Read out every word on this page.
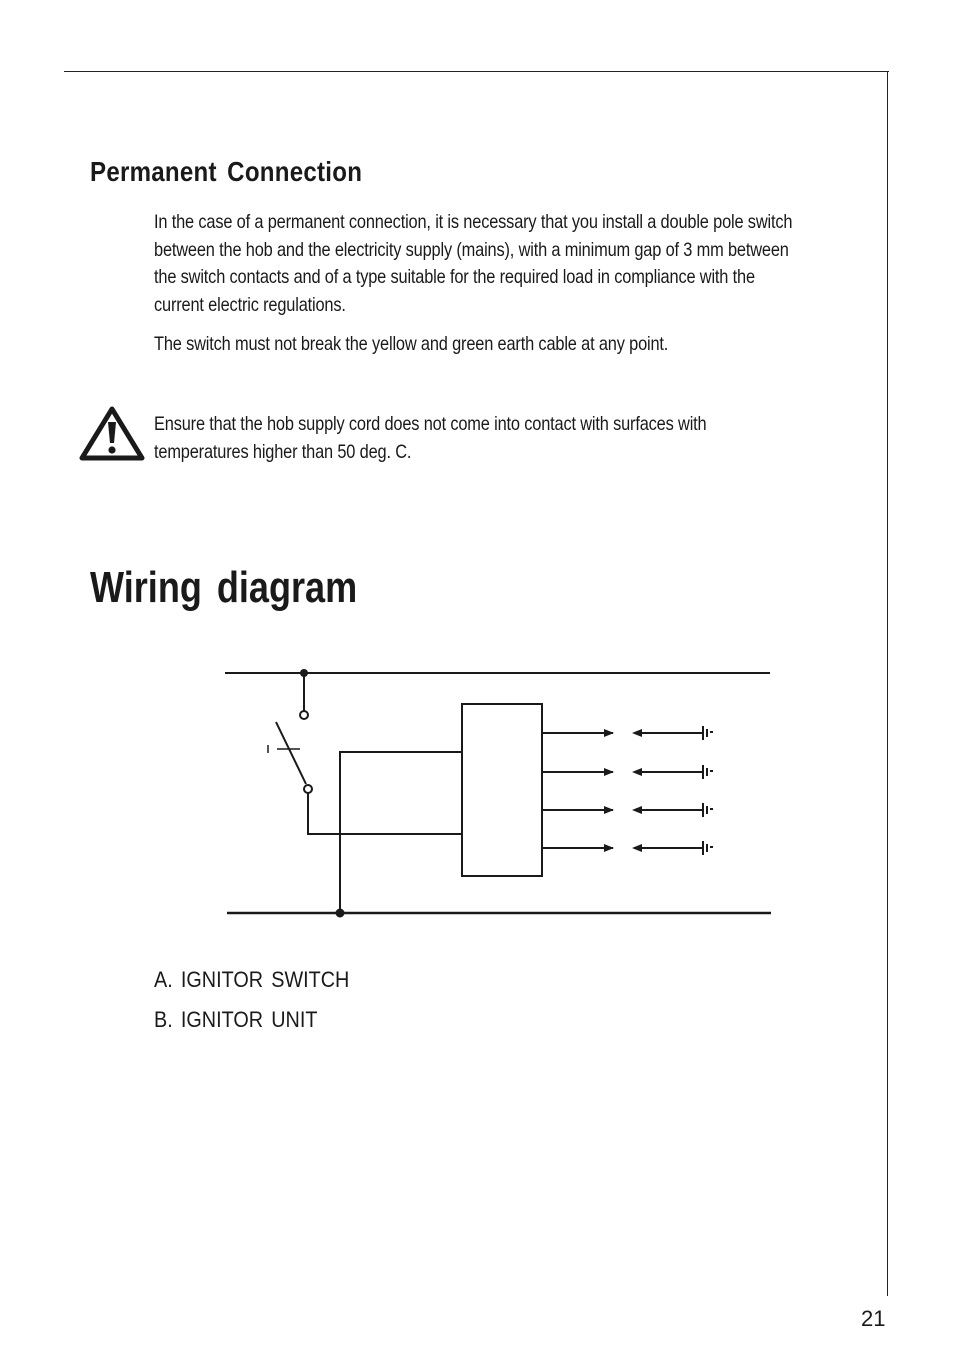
Permanent Connection

In the case of a permanent connection, it is necessary that you install a double pole switch
between the hob and the electricity supply (mains), with a minimum gap of 3 mm between
the switch contacts and of a type suitable for the required load in compliance with the
current electric regulations.

The switch must not break the yellow and green earth cable at any point.

Ensure that the hob supply cord does not come into contact with surfaces with
temperatures higher than 50 deg. C.

Wiring diagram

A. IGNITOR SWITCH

B. IGNITOR UNIT

21
